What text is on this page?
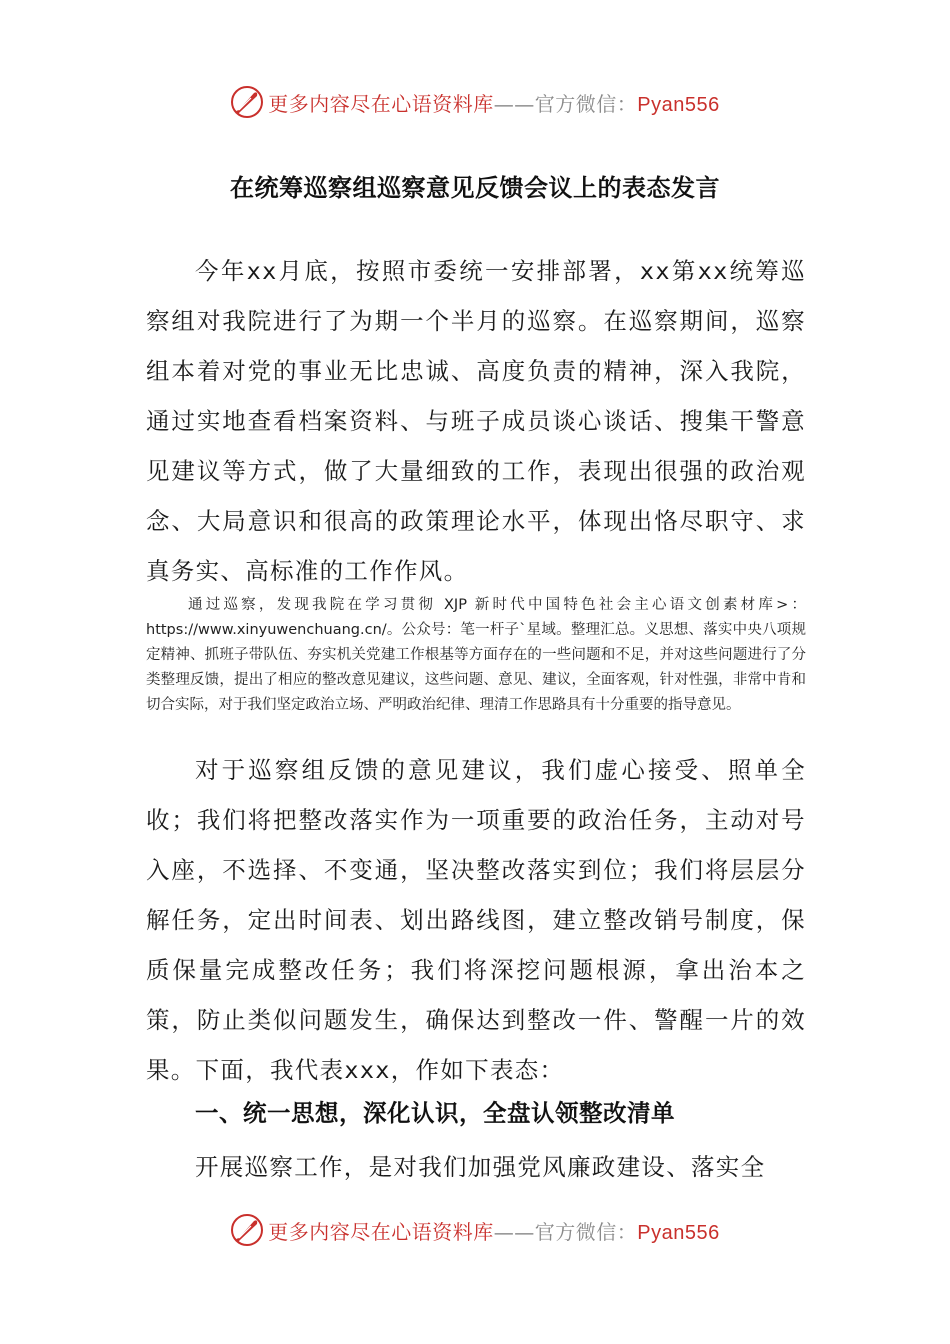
更多内容尽在心语资料库——官方微信：Pyan556
在统筹巡察组巡察意见反馈会议上的表态发言

今年xx月底，按照市委统一安排部署，xx第xx统筹巡察组对我院进行了为期一个半月的巡察。在巡察期间，巡察组本着对党的事业无比忠诚、高度负责的精神，深入我院，通过实地查看档案资料、与班子成员谈心谈话、搜集干警意见建议等方式，做了大量细致的工作，表现出很强的政治观念、大局意识和很高的政策理论水平，体现出恪尽职守、求真务实、高标准的工作作风。

通过巡察，发现我院在学习贯彻 XJP 新时代中国特色社会主心语文创素材库>：https://www.xinyuwenchuang.cn/。公众号：笔一杆子`星域。整理汇总。义思想、落实中央八项规定精神、抓班子带队伍、夯实机关党建工作根基等方面存在的一些问题和不足，并对这些问题进行了分类整理反馈，提出了相应的整改意见建议，这些问题、意见、建议，全面客观，针对性强，非常中肯和切合实际，对于我们坚定政治立场、严明政治纪律、理清工作思路具有十分重要的指导意见。

对于巡察组反馈的意见建议，我们虚心接受、照单全收；我们将把整改落实作为一项重要的政治任务，主动对号入座，不选择、不变通，坚决整改落实到位；我们将层层分解任务，定出时间表、划出路线图，建立整改销号制度，保质保量完成整改任务；我们将深挖问题根源，拿出治本之策，防止类似问题发生，确保达到整改一件、警醒一片的效果。下面，我代表xxx，作如下表态：

一、统一思想，深化认识，全盘认领整改清单

开展巡察工作，是对我们加强党风廉政建设、落实全

更多内容尽在心语资料库——官方微信：Pyan556
